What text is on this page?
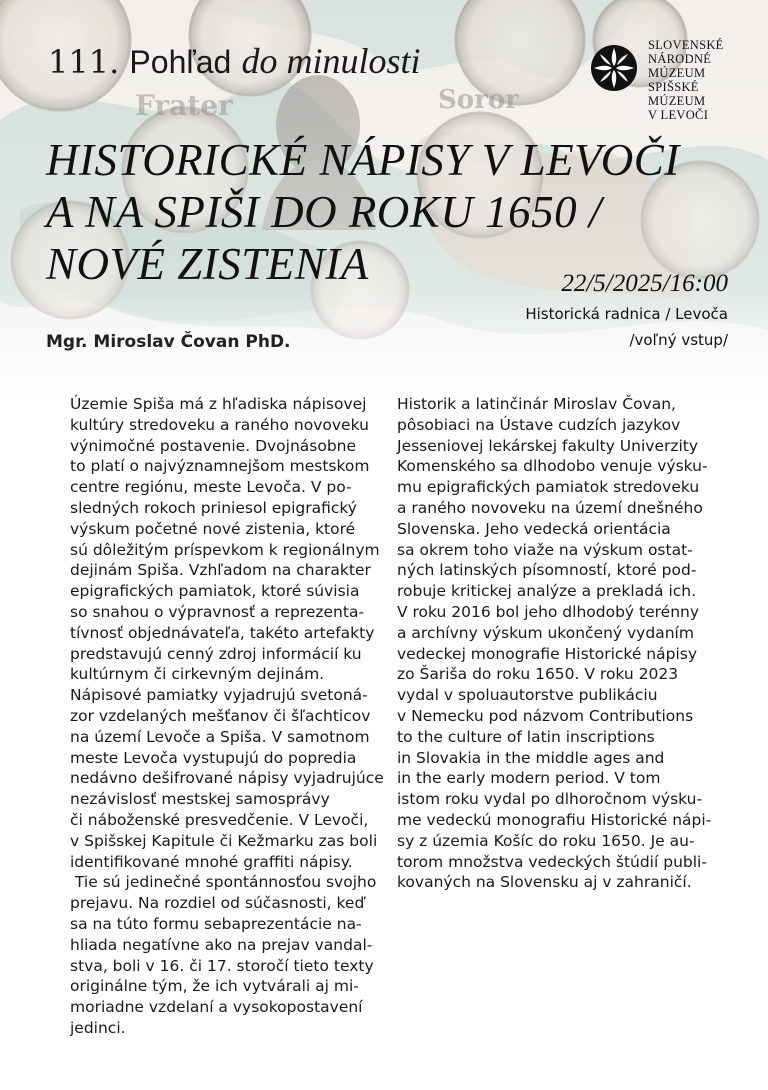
111. Pohľad do minulosti	SLOVENSKÉ
NÁRODNÉ
MÚZEUM
SPIŠSKÉ
MÚZEUM
V LEVOČI
HISTORICKÉ NÁPISY V LEVOČI
A NA SPIŠI DO ROKU 1650 /
NOVÉ ZISTENIA	22/5/2025/16:00
Historická radnica / Levoča
/voľný vstup/
Mgr. Miroslav Čovan PhD.

Územie Spiša má z hľadiska nápisovej
kultúry stredoveku a raného novoveku
výnimočné postavenie. Dvojnásobne
to platí o najvýznamnejšom mestskom
centre regiónu, meste Levoča. V po-
sledných rokoch priniesol epigrafický
výskum početné nové zistenia, ktoré
sú dôležitým príspevkom k regionálnym
dejinám Spiša. Vzhľadom na charakter
epigrafických pamiatok, ktoré súvisia
so snahou o výpravnosť a reprezenta-
tívnosť objednávateľa, takéto artefakty
predstavujú cenný zdroj informácií ku
kultúrnym či cirkevným dejinám.
Nápisové pamiatky vyjadrujú svetoná-
zor vzdelaných mešťanov či šľachticov
na území Levoče a Spiša. V samotnom
meste Levoča vystupujú do popredia
nedávno dešifrované nápisy vyjadrujúce
nezávislosť mestskej samosprávy
či náboženské presvedčenie. V Levoči,
v Spišskej Kapitule či Kežmarku zas boli
identifikované mnohé graffiti nápisy.
Tie sú jedinečné spontánnosťou svojho
prejavu. Na rozdiel od súčasnosti, keď
sa na túto formu sebaprezentácie na-
hliada negatívne ako na prejav vandal-
stva, boli v 16. či 17. storočí tieto texty
originálne tým, že ich vytvárali aj mi-
moriadne vzdelaní a vysokopostavení
jedinci.

Historik a latinčinár Miroslav Čovan,
pôsobiaci na Ústave cudzích jazykov
Jesseniovej lekárskej fakulty Univerzity
Komenského sa dlhodobo venuje výsku-
mu epigrafických pamiatok stredoveku
a raného novoveku na území dnešného
Slovenska. Jeho vedecká orientácia
sa okrem toho viaže na výskum ostat-
ných latinských písomností, ktoré pod-
robuje kritickej analýze a prekladá ich.
V roku 2016 bol jeho dlhodobý terénny
a archívny výskum ukončený vydaním
vedeckej monografie Historické nápisy
zo Šariša do roku 1650. V roku 2023
vydal v spoluautorstve publikáciu
v Nemecku pod názvom Contributions
to the culture of latin inscriptions
in Slovakia in the middle ages and
in the early modern period. V tom
istom roku vydal po dlhoročnom výsku-
me vedeckú monografiu Historické nápi-
sy z územia Košíc do roku 1650. Je au-
torom množstva vedeckých štúdií publi-
kovaných na Slovensku aj v zahraničí.
